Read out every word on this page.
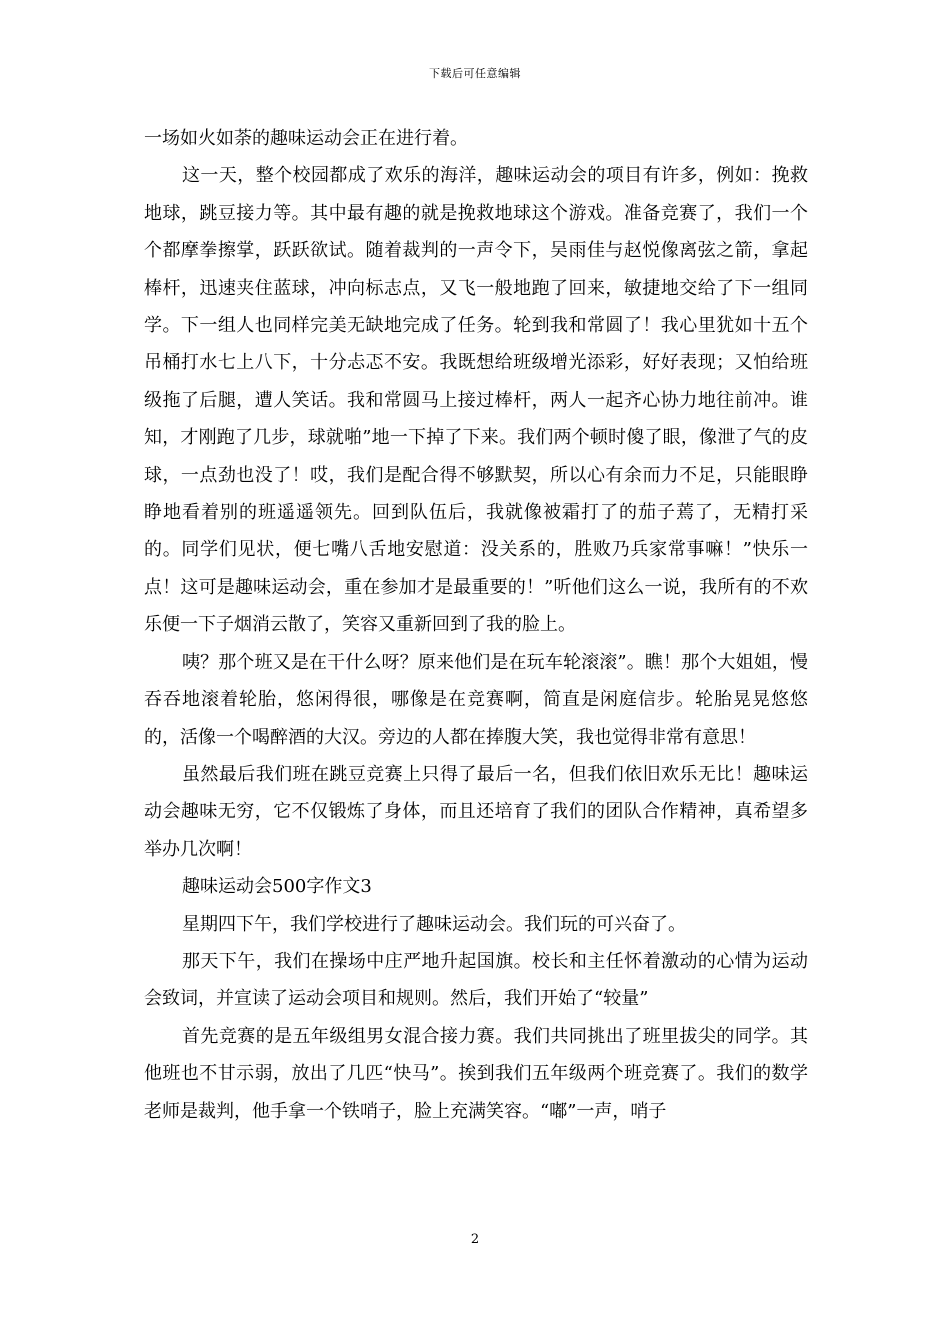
下载后可任意编辑

一场如火如荼的趣味运动会正在进行着。

这一天，整个校园都成了欢乐的海洋，趣味运动会的项目有许多，例如：挽救地球，跳豆接力等。其中最有趣的就是挽救地球这个游戏。准备竞赛了，我们一个个都摩拳擦掌，跃跃欲试。随着裁判的一声令下，吴雨佳与赵悦像离弦之箭，拿起棒杆，迅速夹住蓝球，冲向标志点，又飞一般地跑了回来，敏捷地交给了下一组同学。下一组人也同样完美无缺地完成了任务。轮到我和常圆了！我心里犹如十五个吊桶打水七上八下，十分忐忑不安。我既想给班级增光添彩，好好表现；又怕给班级拖了后腿，遭人笑话。我和常圆马上接过棒杆，两人一起齐心协力地往前冲。谁知，才刚跑了几步，球就啪”地一下掉了下来。我们两个顿时傻了眼，像泄了气的皮球，一点劲也没了！哎，我们是配合得不够默契，所以心有余而力不足，只能眼睁睁地看着别的班遥遥领先。回到队伍后，我就像被霜打了的茄子蔫了，无精打采的。同学们见状，便七嘴八舌地安慰道：没关系的，胜败乃兵家常事嘛！”快乐一点！这可是趣味运动会，重在参加才是最重要的！”听他们这么一说，我所有的不欢乐便一下子烟消云散了，笑容又重新回到了我的脸上。

咦？那个班又是在干什么呀？原来他们是在玩车轮滚滚”。瞧！那个大姐姐，慢吞吞地滚着轮胎，悠闲得很，哪像是在竞赛啊，简直是闲庭信步。轮胎晃晃悠悠的，活像一个喝醉酒的大汉。旁边的人都在捧腹大笑，我也觉得非常有意思！

虽然最后我们班在跳豆竞赛上只得了最后一名，但我们依旧欢乐无比！趣味运动会趣味无穷，它不仅锻炼了身体，而且还培育了我们的团队合作精神，真希望多举办几次啊！

趣味运动会500字作文3

星期四下午，我们学校进行了趣味运动会。我们玩的可兴奋了。

那天下午，我们在操场中庄严地升起国旗。校长和主任怀着激动的心情为运动会致词，并宣读了运动会项目和规则。然后，我们开始了“较量”

首先竞赛的是五年级组男女混合接力赛。我们共同挑出了班里拔尖的同学。其他班也不甘示弱，放出了几匹“快马”。挨到我们五年级两个班竞赛了。我们的数学老师是裁判，他手拿一个铁哨子，脸上充满笑容。“嘟”一声，哨子

2
